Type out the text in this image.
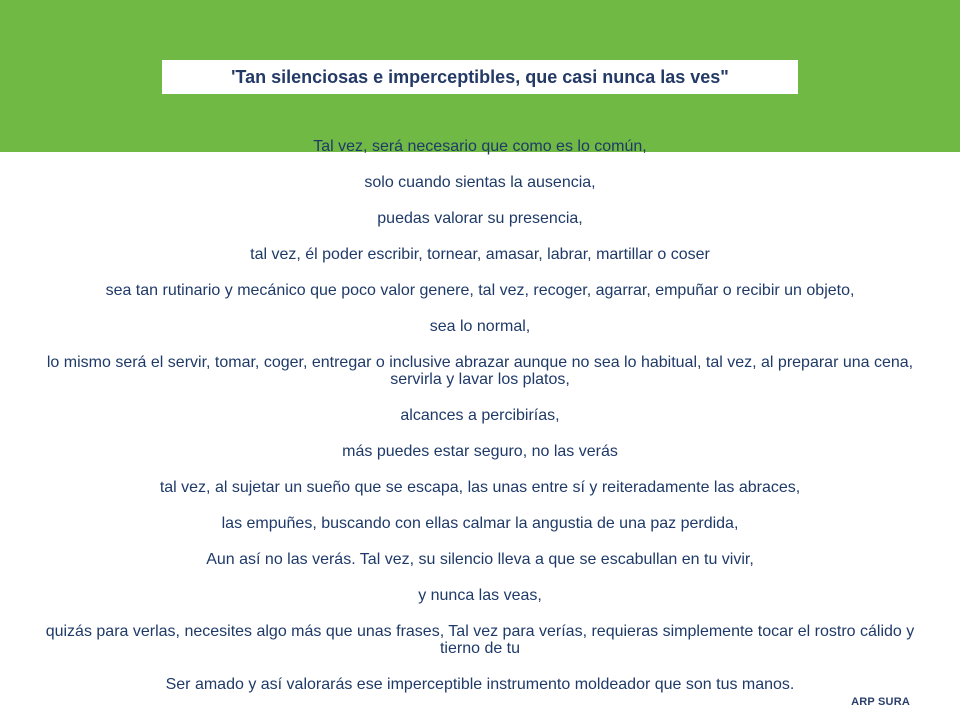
'Tan silenciosas e imperceptibles, que casi nunca las ves"
Tal vez, será necesario que como es lo común,
solo cuando sientas la ausencia,
puedas valorar su presencia,
tal vez, él poder escribir, tornear, amasar, labrar, martillar o coser
sea tan rutinario y mecánico que poco valor genere, tal vez, recoger, agarrar, empuñar o recibir un objeto,
sea lo normal,
lo mismo será el servir, tomar, coger, entregar o inclusive abrazar aunque no sea lo habitual, tal vez, al preparar una cena, servirla y lavar los platos,
alcances a percibirías,
más puedes estar seguro, no las verás
tal vez, al sujetar un sueño que se escapa, las unas entre sí y reiteradamente las abraces,
las empuñes, buscando con ellas calmar la angustia de una paz perdida,
Aun así no las verás. Tal vez, su silencio lleva a que se escabullan en tu vivir,
y nunca las veas,
quizás para verlas, necesites algo más que unas frases, Tal vez para verías, requieras simplemente tocar el rostro cálido y tierno de tu
Ser amado y así valorarás ese imperceptible instrumento moldeador que son tus manos.
ARP SURA
